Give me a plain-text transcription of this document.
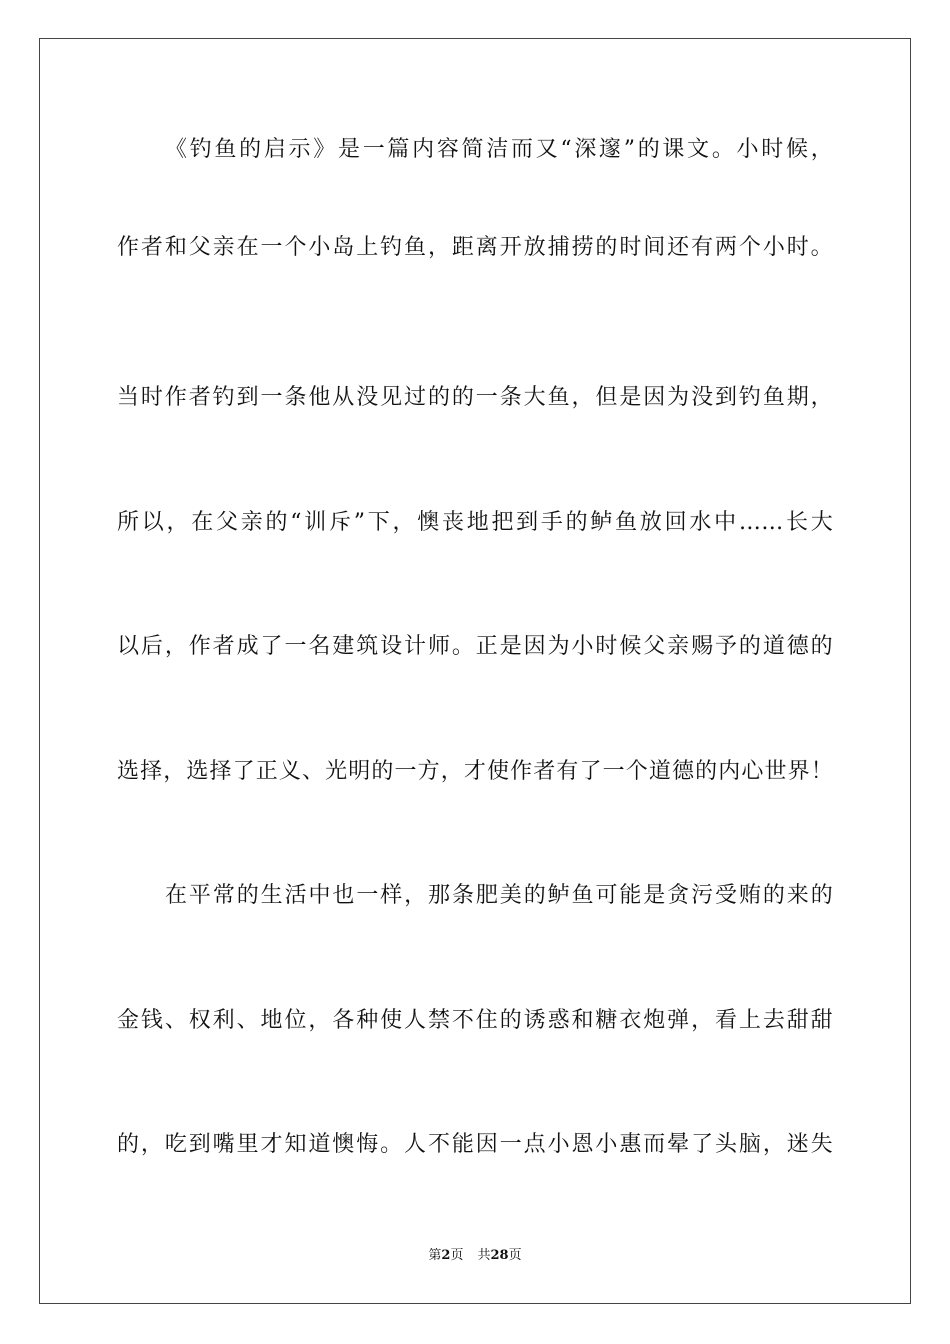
《钓鱼的启示》是一篇内容简洁而又“深邃”的课文。小时候，
作者和父亲在一个小岛上钓鱼，距离开放捕捞的时间还有两个小时。
当时作者钓到一条他从没见过的的一条大鱼，但是因为没到钓鱼期，
所以，在父亲的“训斥”下，懊丧地把到手的鲈鱼放回水中……长大
以后，作者成了一名建筑设计师。正是因为小时候父亲赐予的道德的
选择，选择了正义、光明的一方，才使作者有了一个道德的内心世界！
在平常的生活中也一样，那条肥美的鲈鱼可能是贪污受贿的来的
金钱、权利、地位，各种使人禁不住的诱惑和糖衣炮弹，看上去甜甜
的，吃到嘴里才知道懊悔。人不能因一点小恩小惠而晕了头脑，迷失
第2页 共28页
